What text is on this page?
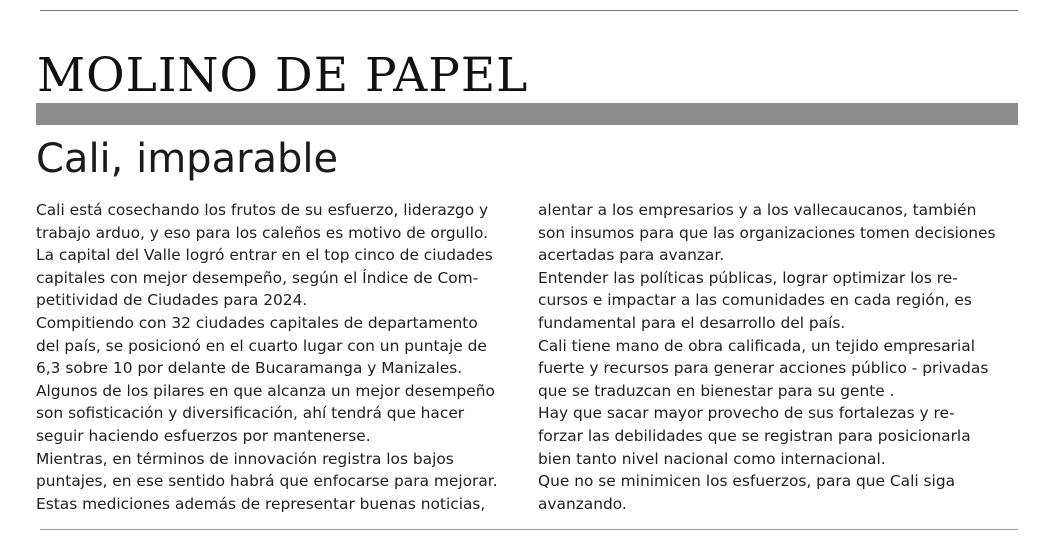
MOLINO DE PAPEL
Cali, imparable
Cali está cosechando los frutos de su esfuerzo, liderazgo y
trabajo arduo, y eso para los caleños es motivo de orgullo.
La capital del Valle logró entrar en el top cinco de ciudades
capitales con mejor desempeño, según el Índice de Com-
petitividad de Ciudades para 2024.
Compitiendo con 32 ciudades capitales de departamento
del país, se posicionó en el cuarto lugar con un puntaje de
6,3 sobre 10 por delante de Bucaramanga y Manizales.
Algunos de los pilares en que alcanza un mejor desempeño
son sofisticación y diversificación, ahí tendrá que hacer
seguir haciendo esfuerzos por mantenerse.
Mientras, en términos de innovación registra los bajos
puntajes, en ese sentido habrá que enfocarse para mejorar.
Estas mediciones además de representar buenas noticias,
alentar a los empresarios y a los vallecaucanos, también
son insumos para que las organizaciones tomen decisiones
acertadas para avanzar.
Entender las políticas públicas, lograr optimizar los re-
cursos e impactar a las comunidades en cada región, es
fundamental para el desarrollo del país.
Cali tiene mano de obra calificada, un tejido empresarial
fuerte y recursos para generar acciones público - privadas
que se traduzcan en bienestar para su gente .
Hay que sacar mayor provecho de sus fortalezas y re-
forzar las debilidades que se registran para posicionarla
bien tanto nivel nacional como internacional.
Que no se minimicen los esfuerzos, para que Cali siga
avanzando.
